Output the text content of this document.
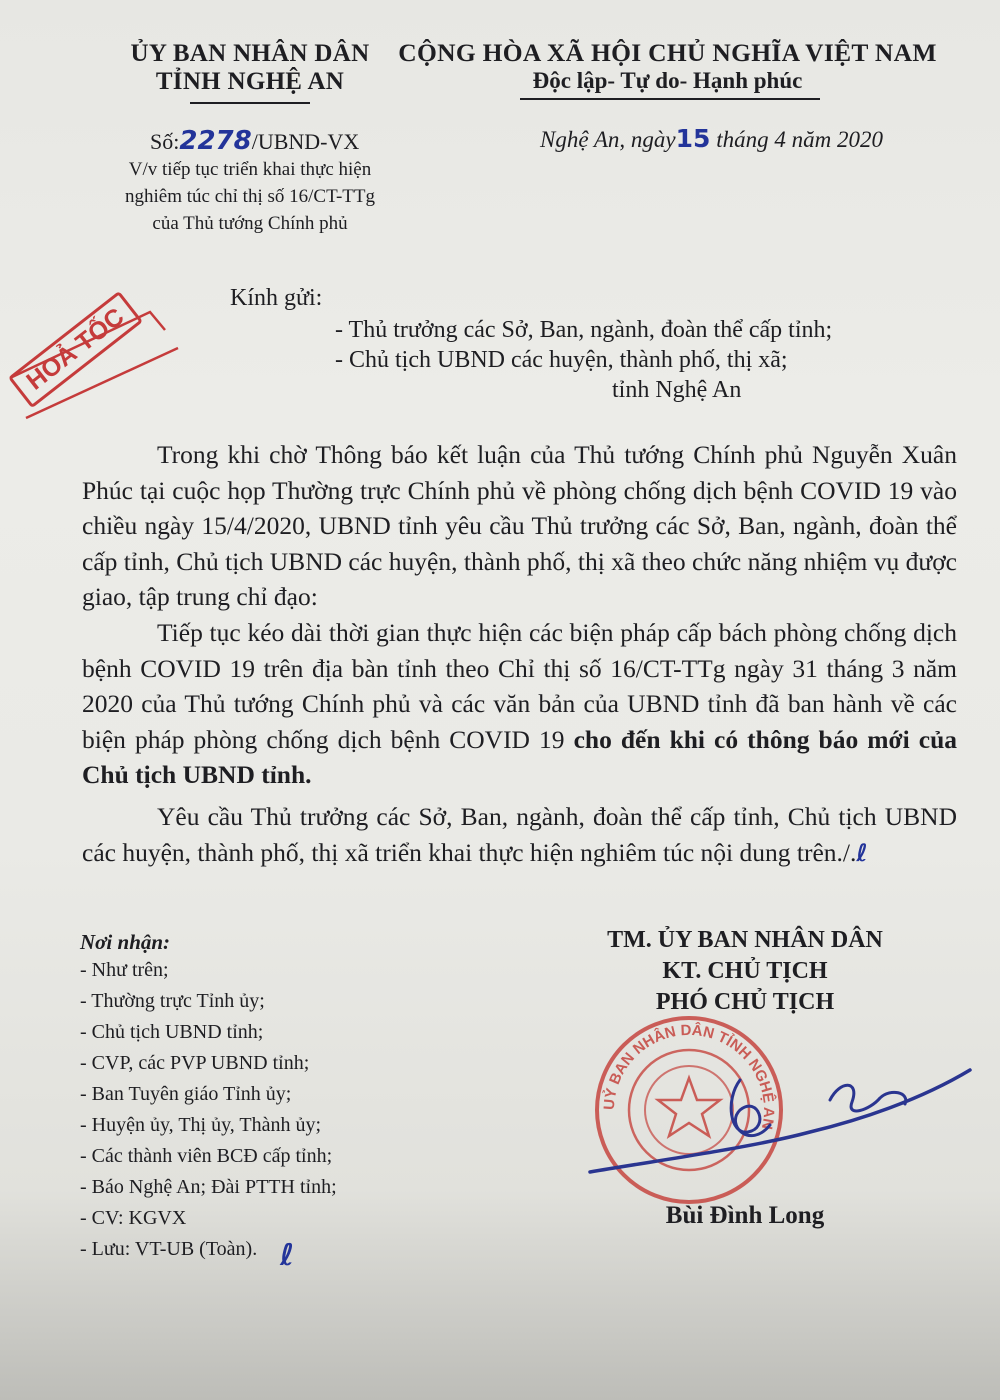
ỦY BAN NHÂN DÂN
TỈNH NGHỆ AN
CỘNG HÒA XÃ HỘI CHỦ NGHĨA VIỆT NAM
Độc lập- Tự do- Hạnh phúc
Số:2278/UBND-VX
V/v tiếp tục triển khai thực hiện
nghiêm túc chỉ thị số 16/CT-TTg
của Thủ tướng Chính phủ
Nghệ An, ngày15 tháng 4 năm 2020
HOẢ TỐC
Kính gửi:
- Thủ trưởng các Sở, Ban, ngành, đoàn thể cấp tỉnh;
- Chủ tịch UBND các huyện, thành phố, thị xã;
tỉnh Nghệ An

Trong khi chờ Thông báo kết luận của Thủ tướng Chính phủ Nguyễn Xuân Phúc tại cuộc họp Thường trực Chính phủ về phòng chống dịch bệnh COVID 19 vào chiều ngày 15/4/2020, UBND tỉnh yêu cầu Thủ trưởng các Sở, Ban, ngành, đoàn thể cấp tỉnh, Chủ tịch UBND các huyện, thành phố, thị xã theo chức năng nhiệm vụ được giao, tập trung chỉ đạo:

Tiếp tục kéo dài thời gian thực hiện các biện pháp cấp bách phòng chống dịch bệnh COVID 19 trên địa bàn tỉnh theo Chỉ thị số 16/CT-TTg ngày 31 tháng 3 năm 2020 của Thủ tướng Chính phủ và các văn bản của UBND tỉnh đã ban hành về các biện pháp phòng chống dịch bệnh COVID 19 cho đến khi có thông báo mới của Chủ tịch UBND tỉnh.

Yêu cầu Thủ trưởng các Sở, Ban, ngành, đoàn thể cấp tỉnh, Chủ tịch UBND các huyện, thành phố, thị xã triển khai thực hiện nghiêm túc nội dung trên./.ℓ

Nơi nhận:
- Như trên;
- Thường trực Tỉnh ủy;
- Chủ tịch UBND tỉnh;
- CVP, các PVP UBND tỉnh;
- Ban Tuyên giáo Tỉnh ủy;
- Huyện ủy, Thị ủy, Thành ủy;
- Các thành viên BCĐ cấp tỉnh;
- Báo Nghệ An; Đài PTTH tỉnh;
- CV: KGVX
- Lưu: VT-UB (Toàn). ℓ
TM. ỦY BAN NHÂN DÂN
KT. CHỦ TỊCH
PHÓ CHỦ TỊCH
UỶ BAN NHÂN DÂN TỈNH NGHỆ AN
Bùi Đình Long
